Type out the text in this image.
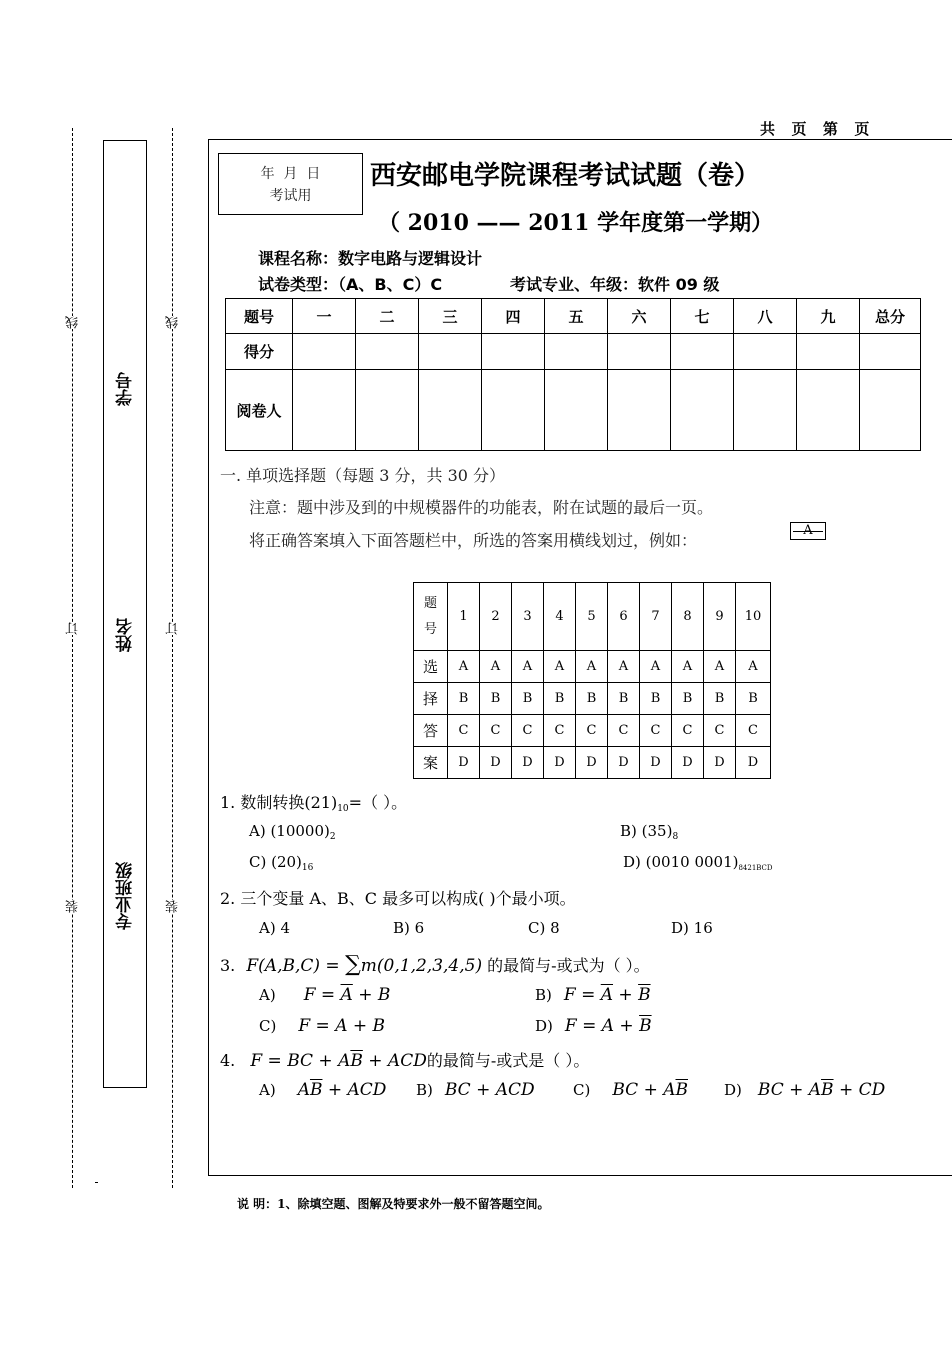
共  页  第  页
线	线
订	订
装	装
学号
姓名
专业班级
年  月  日
考试用
西安邮电学院课程考试试题（卷）
（ 2010 —— 2011 学年度第一学期）
课程名称：数字电路与逻辑设计
试卷类型：（A、B、C）C	考试专业、年级：软件 09 级
题号	一	二	三	四	五	六	七	八	九	总分
得分										
阅卷人										
一. 单项选择题（每题 3 分，共 30 分）
注意：题中涉及到的中规模器件的功能表，附在试题的最后一页。
将正确答案填入下面答题栏中，所选的答案用横线划过，例如：
题
号	1	2	3	4	5	6	7	8	9	10
选	A	A	A	A	A	A	A	A	A	A
择	B	B	B	B	B	B	B	B	B	B
答	C	C	C	C	C	C	C	C	C	C
案	D	D	D	D	D	D	D	D	D	D
1. 数制转换$(21)_{10}=$（ ）。
A) $(10000)_2$	B) $(35)_8$
C) $(20)_{16}$	D) (0010 $0001)_{8421BCD}$
2. 三个变量 A、B、C 最多可以构成( )个最小项。
A) 4	B) 6	C) 8	D) 16
3. F(A,B,C) = ∑m(0,1,2,3,4,5) 的最简与-或式为（ ）。
A) $F = \overline{A} + B$	B) $F = \overline{A} + \overline{B}$
C) F = A + B	D) $F = A + \overline{B}$
4. F = BC + $A\overline{B}$ + ACD的最简与-或式是（ ）。
A) $A\overline{B}$ + ACD B) BC + ACD	C) BC + $A\overline{B}$ D) BC + $A\overline{B}$ + CD
说 明：1、除填空题、图解及特要求外一般不留答题空间。
